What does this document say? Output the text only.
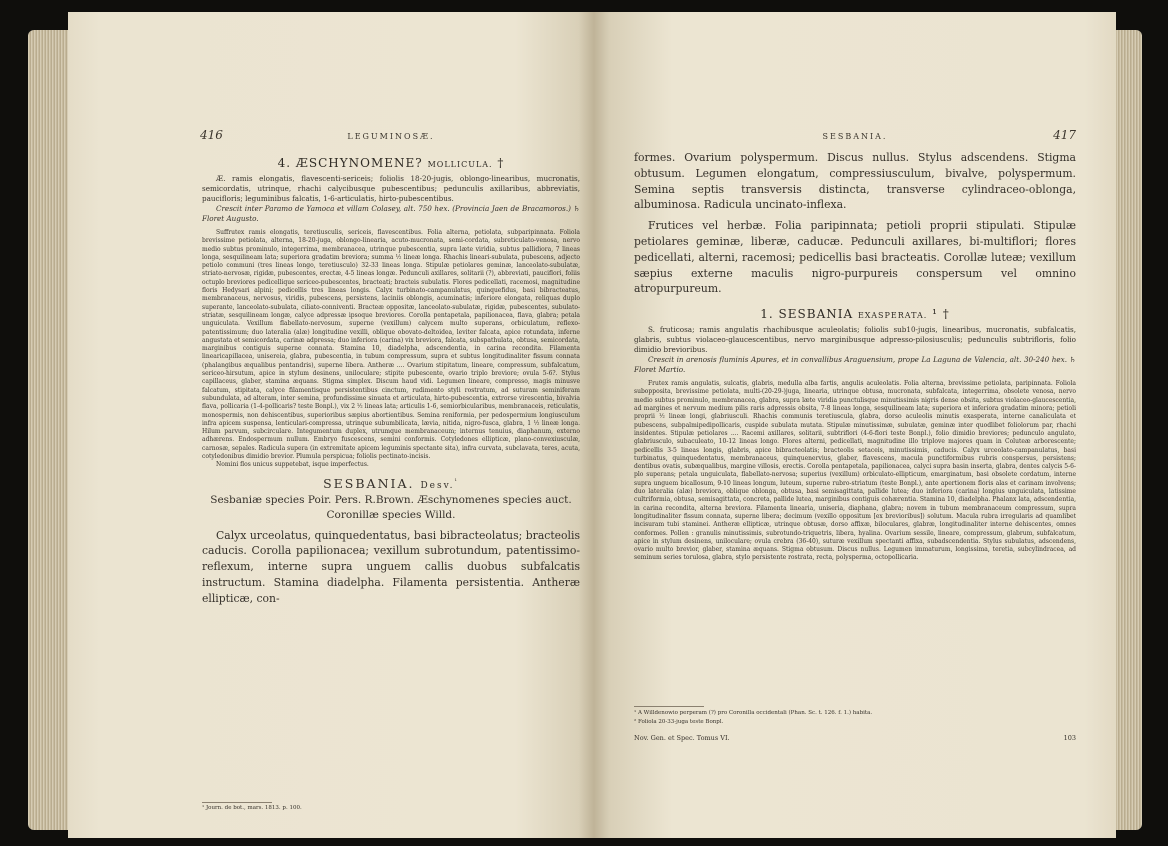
416	LEGUMINOSÆ.
4. ÆSCHYNOMENE? MOLLICULA. †

Æ. ramis elongatis, flavescenti-sericeis; foliolis 18-20-jugis, oblongo-linearibus, mucronatis, semicordatis, utrinque, rhachi calycibusque pubescentibus; pedunculis axillaribus, abbreviatis, paucifloris; leguminibus falcatis, 1-6-articulatis, hirto-pubescentibus.

Crescit inter Paramo de Yamoca et villam Colasey, alt. 750 hex. (Provincia Jaen de Bracamoros.) ♄ Floret Augusto.

Suffrutex ramis elongatis, teretiusculis, sericeis, flavescentibus. Folia alterna, petiolata, subparipinnata. Foliola brevissime petiolata, alterna, 18-20-juga, oblongo-linearia, acuto-mucronata, semi-cordata, subreticulato-venosa, nervo medio subtus prominulo, integerrima, membranacea, utrinque pubescentia, supra læte viridia, subtus pallidiora, 7 lineas longa, sesquilineam lata; superiora gradatim breviora; summa ½ lineæ longa. Rhachis lineari-subulata, pubescens, adjecto petiolo communi (tres lineas longo, teretiusculo) 32-33 lineas longa. Stipulæ petiolares geminæ, lanceolato-subulatæ, striato-nervosæ, rigidæ, pubescentes, erectæ, 4-5 lineas longæ. Pedunculi axillares, solitarii (?), abbreviati, pauciflori, foliis octuplo breviores pedicellique sericeo-pubescentes, bracteati; bracteis subulatis. Flores pedicellati, racemosi, magnitudine floris Hedysari alpini; pedicellis tres lineas longis. Calyx turbinato-campanulatus, quinquefidus, basi bibracteatus, membranaceus, nervosus, viridis, pubescens, persistens, laciniis oblongis, acuminatis; inferiore elongata, reliquas duplo superante, lanceolato-subulata, ciliato-conniventi. Bracteæ oppositæ, lanceolato-subulatæ, rigidæ, pubescentes, subulato-striatæ, sesquilineam longæ, calyce adpressæ ipsoque breviores. Corolla pentapetala, papilionacea, flava, glabra; petala unguiculata. Vexillum flabellato-nervosum, superne (vexillum) calycem multo superans, orbiculatum, reflexo-patentissimum; duo lateralia (alæ) longitudine vexilli, oblique obovato-deltoidea, leviter falcata, apice rotundata, inferne angustata et semicordata, carinæ adpressa; duo inferiora (carina) vix breviora, falcata, subspathulata, obtusa, semicordata, marginibus contiguis superne connata. Stamina 10, diadelpha, adscendentia, in carina recondita. Filamenta linearicapillacea, unisereia, glabra, pubescentia, in tubum compressum, supra et subtus longitudinaliter fissum connata (phalangibus æqualibus pentandris), superne libera. Antheræ .... Ovarium stipitatum, lineare, compressum, subfalcatum, sericeo-hirsutum, apice in stylum desinens, uniloculare; stipite pubescente, ovario triplo breviore; ovula 5-6?. Stylus capillaceus, glaber, stamina æquans. Stigma simplex. Discum haud vidi. Legumen lineare, compresso, magis minusve falcatum, stipitata, calyce filamentisque persistentibus cinctum, rudimento styli rostratum, ad suturam seminiferam subundulata, ad alteram, inter semina, profundissime sinuata et articulata, hirto-pubescentia, extrorse virescentia, bivalvia flava, pollicaria (1-4-pollicaris? teste Bonpl.), vix 2 ½ lineas lata; articulis 1-6, semiorbicularibus, membranaceis, reticulatis, monospermis, non dehiscentibus, superioribus sæpius abortientibus. Semina reniformia, per pedospermium longiusculum infra apicem suspensa, lenticulari-compressa, utrinque subumbilicata, lævia, nitida, nigro-fusca, glabra, 1 ½ lineæ longa. Hilum parvum, subcirculare. Integumentum duplex, utrumque membranaceum; internus tenuius, diaphanum, externo adhærens. Endospermum nullum. Embryo fuscescens, semini conformis. Cotyledones ellipticæ, plano-convexiusculæ, carnosæ, sepales. Radicula supera (in extremitate apicem leguminis spectante sita), infra curvata, subclavata, teres, acuta, cotyledonibus dimidio brevior. Plumula perspicua; foliolis pectinato-incisis.

Nomini flos unicus suppetebat, isque imperfectus.

SESBANIA. Desv.$^{^1}$

Sesbaniæ species Poir. Pers. R.Brown. Æschynomenes species auct.

Coronillæ species Willd.

Calyx urceolatus, quinquedentatus, basi bibracteolatus; bracteolis caducis. Corolla papilionacea; vexillum subrotundum, patentissimo-reflexum, interne supra unguem callis duobus subfalcatis instructum. Stamina diadelpha. Filamenta persistentia. Antheræ ellipticæ, con-

¹ Journ. de bot., mars. 1813. p. 100.

SESBANIA.	417

formes. Ovarium polyspermum. Discus nullus. Stylus adscendens. Stigma obtusum. Legumen elongatum, compressiusculum, bivalve, polyspermum. Semina septis transversis distincta, transverse cylindraceo-oblonga, albuminosa. Radicula uncinato-inflexa.

Frutices vel herbæ. Folia paripinnata; petioli proprii stipulati. Stipulæ petiolares geminæ, liberæ, caducæ. Pedunculi axillares, bi-multiflori; flores pedicellati, alterni, racemosi; pedicellis basi bracteatis. Corollæ luteæ; vexillum sæpius externe maculis nigro-purpureis conspersum vel omnino atropurpureum.

1. SESBANIA EXASPERATA. ¹ †

S. fruticosa; ramis angulatis rhachibusque aculeolatis; foliolis sub10-jugis, linearibus, mucronatis, subfalcatis, glabris, subtus violaceo-glaucescentibus, nervo marginibusque adpresso-pilosiusculis; pedunculis subtrifloris, folio dimidio brevioribus.

Crescit in arenosis fluminis Apures, et in convallibus Araguensium, prope La Laguna de Valencia, alt. 30-240 hex. ♄ Floret Martio.

Frutex ramis angulatis, sulcatis, glabris, medulla alba fartis, angulis aculeolatis. Folia alterna, brevissime petiolata, paripinnata. Foliola subopposita, brevissime petiolata, multi-(20-29-)juga, linearia, utrinque obtusa, mucronata, subfalcata, integerrima, obsolete venosa, nervo medio subtus prominulo, membranacea, glabra, supra læte viridia punctulisque minutissimis nigris dense obsita, subtus violaceo-glaucescentia, ad margines et nervum medium pilis raris adpressis obsita, 7-8 lineas longa, sesquilineam lata; superiora et inferiora gradatim minora; petioli proprii ½ lineæ longi, glabriusculi. Rhachis communis teretiuscula, glabra, dorso aculeolis minutis exasperata, interne canaliculata et pubescens, subpalmipedipollicaris, cuspide subulata mutata. Stipulæ minutissimæ, subulatæ, geminæ inter quodlibet foliolorum par, rhachi insidentes. Stipulæ petiolares .... Racemi axillares, solitarii, subtriflori (4-6-flori teste Bonpl.), folio dimidio breviores; pedunculo angulato, glabriusculo, subaculeato, 10-12 lineas longo. Flores alterni, pedicellati, magnitudine illo triplove majores quam in Coluteæ arborescente; pedicellis 3-5 lineas longis, glabris, apice bibracteolatis; bracteolis setaceis, minutissimis, caducis. Calyx urceolato-campanulatus, basi turbinatus, quinquedentatus, membranaceus, quinquenervius, glaber, flavescens, macula punctiformibus rubris conspersus, persistens; dentibus ovatis, subæqualibus, margine villosis, erectis. Corolla pentapetala, papilionacea, calyci supra basin inserta, glabra, dentes calycis 5-6-plo superans; petala unguiculata, flabellato-nervosa; superius (vexillum) orbiculato-ellipticum, emarginatum, basi obsolete cordatum, interne supra unguem bicallosum, 9-10 lineas longum, luteum, superne rubro-striatum (teste Bonpl.), ante apertionem floris alas et carinam involvens; duo lateralia (alæ) breviora, oblique oblonga, obtusa, basi semisagittata, pallide lutea; duo inferiora (carina) longius unguiculata, latissime cultriformia, obtusa, semisagittata, concreta, pallide lutea, marginibus contiguis cohærentia. Stamina 10, diadelpha. Phalanx lata, adscendentia, in carina recondita, alterna breviora. Filamenta linearia, uniseria, diaphana, glabra; novem in tubum membranaceum compressum, supra longitudinaliter fissum connata, superne libera; decimum (vexillo oppositum [ex brevioribus]) solutum. Macula rubra irregularis ad quamlibet incisuram tubi staminei. Antheræ ellipticæ, utrinque obtusæ, dorso affixæ, biloculares, glabræ, longitudinaliter interne dehiscentes, omnes conformes. Pollen : granulis minutissimis, subrotundo-triquetris, libera, hyalina. Ovarium sessile, lineare, compressum, glabrum, subfalcatum, apice in stylum desinens, uniloculare; ovula crebra (36-40), suturæ vexillum spectanti affixa, subadscendentia. Stylus subulatus, adscendens, ovario multo brevior, glaber, stamina æquans. Stigma obtusum. Discus nullus. Legumen immaturum, longissima, teretia, subcylindracea, ad seminum series torulosa, glabra, stylo persistente rostrata, recta, polysperma, octopollicaria.

¹ A Willdenowio perperam (?) pro Coronilla occidentali (Phan. Sc. t. 126. f. 1.) habita.

² Foliola 20-33-juga teste Bonpl.

Nov. Gen. et Spec. Tomus VI.	103
